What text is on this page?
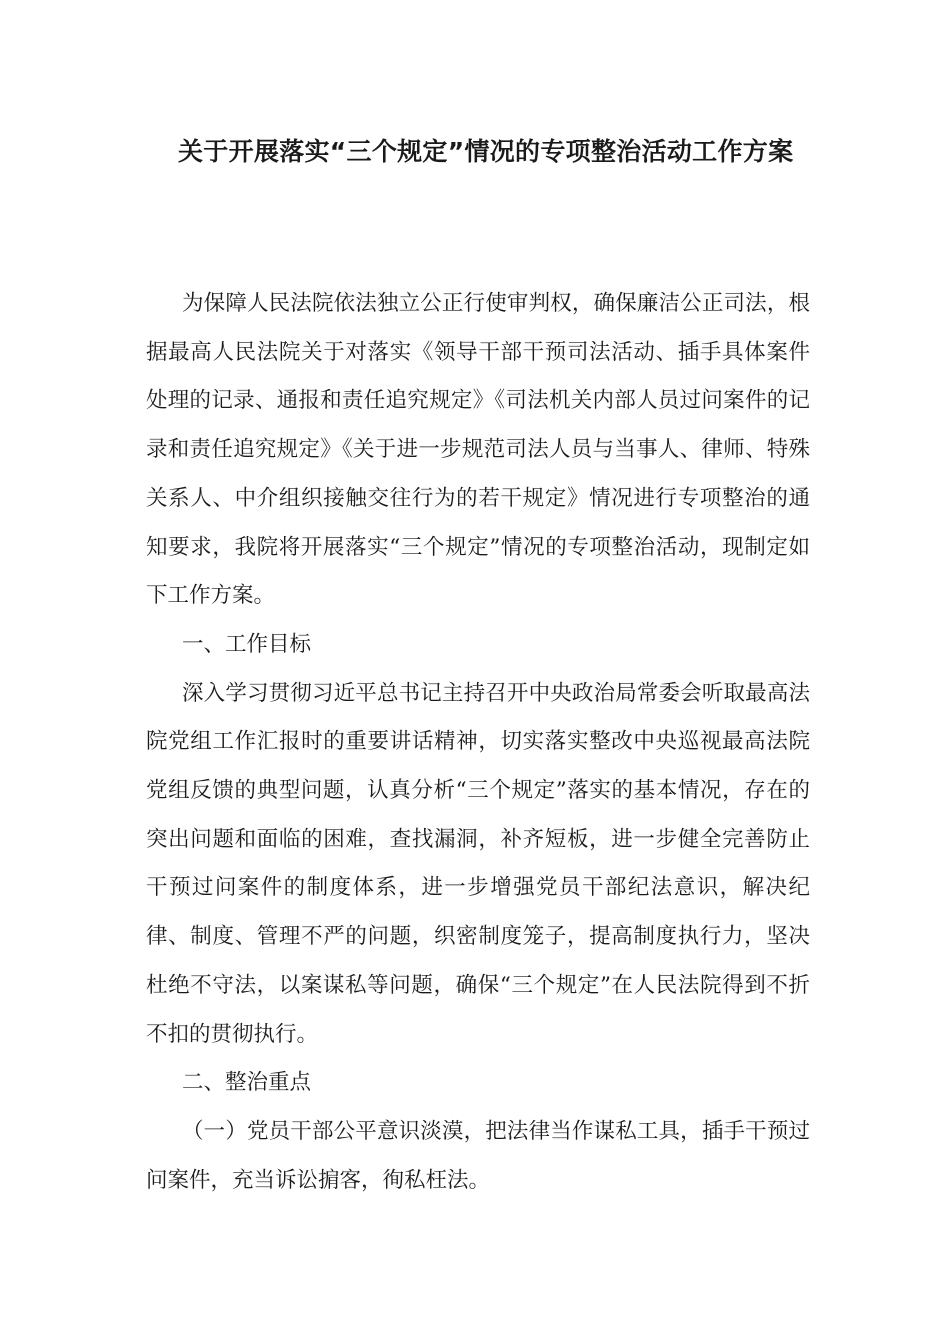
关于开展落实“三个规定”情况的专项整治活动工作方案

为保障人民法院依法独立公正行使审判权，确保廉洁公正司法，根据最高人民法院关于对落实《领导干部干预司法活动、插手具体案件处理的记录、通报和责任追究规定》《司法机关内部人员过问案件的记录和责任追究规定》《关于进一步规范司法人员与当事人、律师、特殊关系人、中介组织接触交往行为的若干规定》情况进行专项整治的通知要求，我院将开展落实“三个规定”情况的专项整治活动，现制定如下工作方案。

一、工作目标

深入学习贯彻习近平总书记主持召开中央政治局常委会听取最高法院党组工作汇报时的重要讲话精神，切实落实整改中央巡视最高法院党组反馈的典型问题，认真分析“三个规定”落实的基本情况，存在的突出问题和面临的困难，查找漏洞，补齐短板，进一步健全完善防止干预过问案件的制度体系，进一步增强党员干部纪法意识，解决纪律、制度、管理不严的问题，织密制度笼子，提高制度执行力，坚决杜绝不守法，以案谋私等问题，确保“三个规定”在人民法院得到不折不扣的贯彻执行。

二、整治重点

（一）党员干部公平意识淡漠，把法律当作谋私工具，插手干预过问案件，充当诉讼掮客，徇私枉法。
